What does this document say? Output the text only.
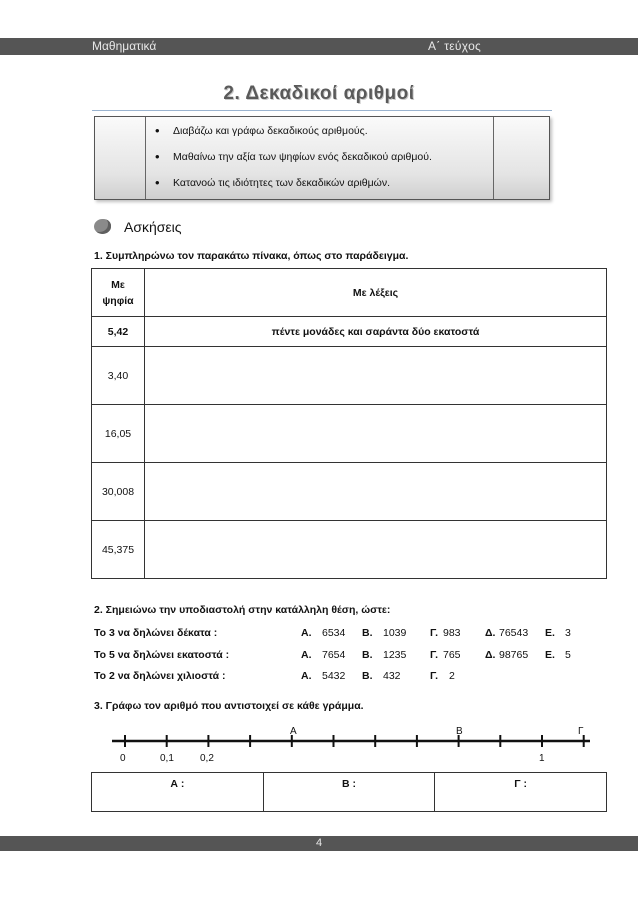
Μαθηματικά	Α΄ τεύχος
2. Δεκαδικοί αριθμοί
• Διαβάζω και γράφω δεκαδικούς αριθμούς.
• Μαθαίνω την αξία των ψηφίων ενός δεκαδικού αριθμού.
• Κατανοώ τις ιδιότητες των δεκαδικών αριθμών.
Ασκήσεις
1. Συμπληρώνω τον παρακάτω πίνακα, όπως στο παράδειγμα.
Με
ψηφία	Με λέξεις
5,42	πέντε μονάδες και σαράντα δύο εκατοστά
3,40	
16,05	
30,008	
45,375	
2. Σημειώνω την υποδιαστολή στην κατάλληλη θέση, ώστε:
Το 3 να δηλώνει δέκατα :	Α. 6534 Β. 1039 Γ. 983 Δ. 76543 Ε. 3
Το 5 να δηλώνει εκατοστά :	Α. 7654 Β. 1235 Γ. 765 Δ. 98765 Ε. 5
Το 2 να δηλώνει χιλιοστά :	Α. 5432 Β. 432	Γ. 2
3. Γράφω τον αριθμό που αντιστοιχεί σε κάθε γράμμα.
Α	Β	Γ
0	0,1	0,2	1
Α :	Β :	Γ :
4
